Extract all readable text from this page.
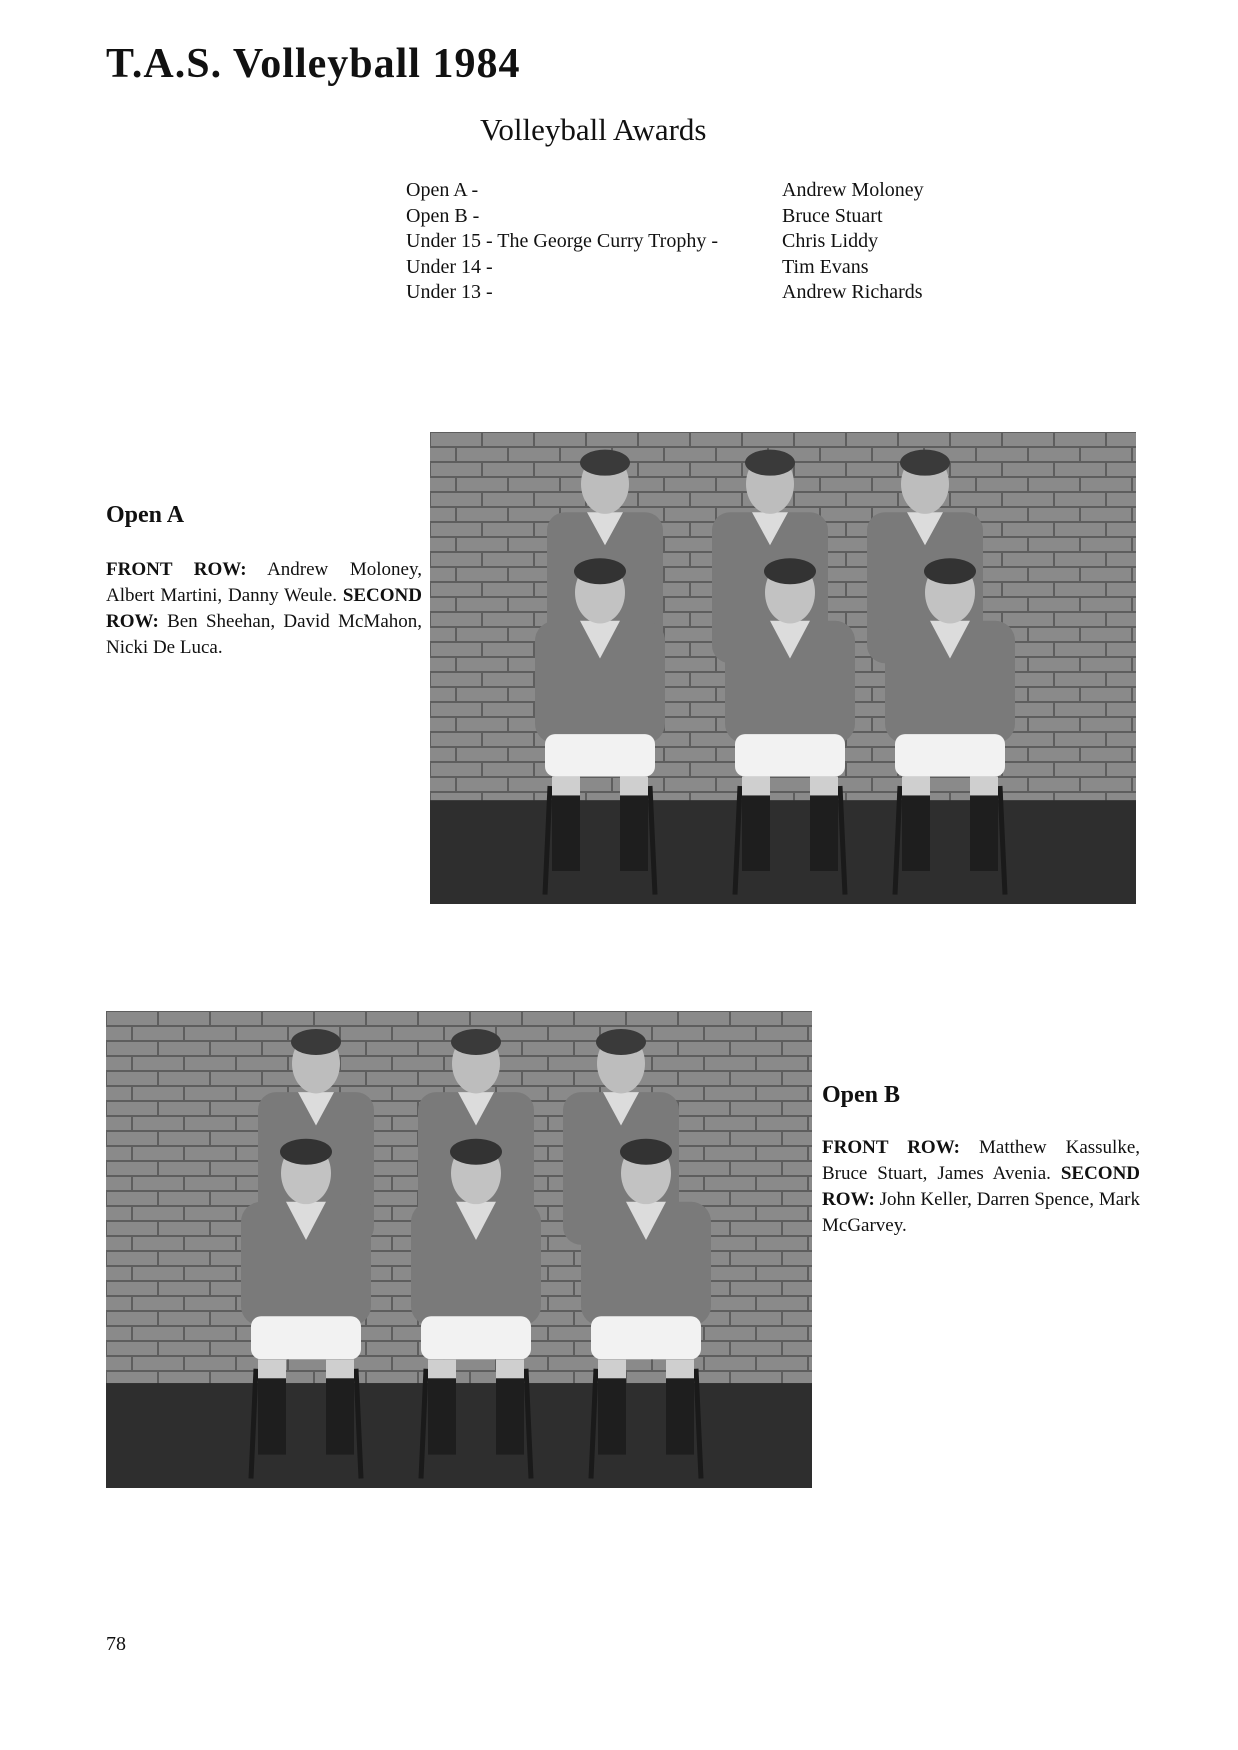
T.A.S. Volleyball 1984
Volleyball Awards
Open A -
Open B -
Under 15 - The George Curry Trophy -
Under 14 -
Under 13 -
Andrew Moloney
Bruce Stuart
Chris Liddy
Tim Evans
Andrew Richards
Open A
FRONT ROW: Andrew Moloney, Albert Martini, Danny Weule. SECOND ROW: Ben Sheehan, David McMahon, Nicki De Luca.
Open B
FRONT ROW: Matthew Kassulke, Bruce Stuart, James Avenia. SECOND ROW: John Keller, Darren Spence, Mark McGarvey.
78
